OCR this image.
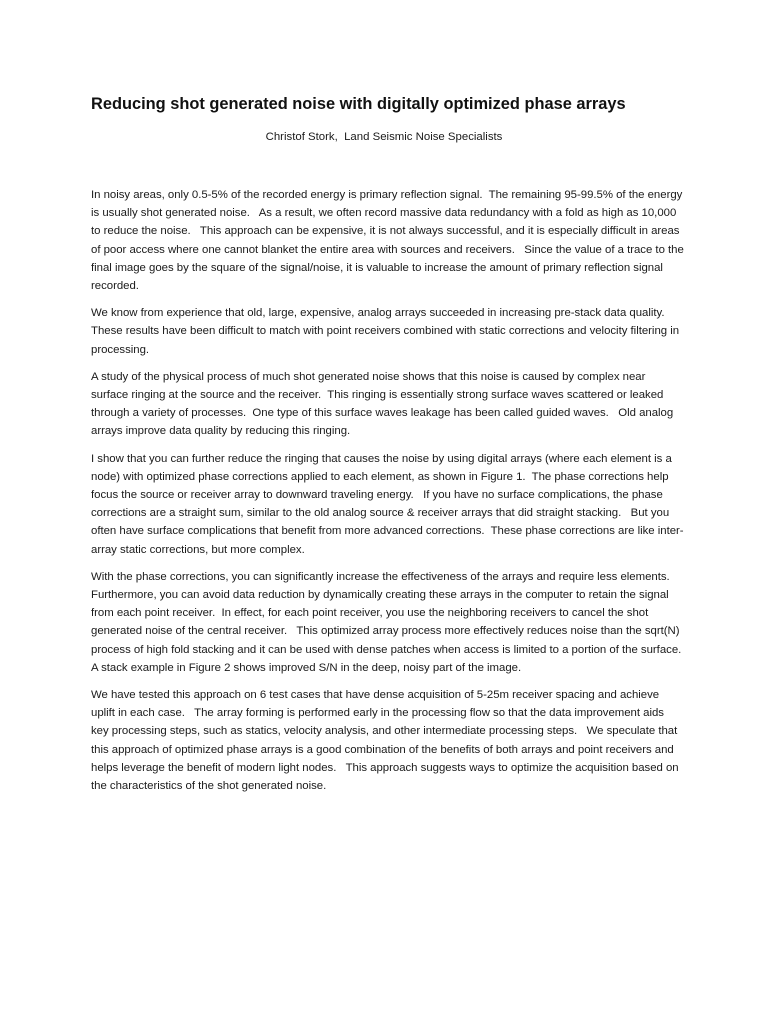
Reducing shot generated noise with digitally optimized phase arrays

Christof Stork,  Land Seismic Noise Specialists

In noisy areas, only 0.5-5% of the recorded energy is primary reflection signal.  The remaining 95-99.5% of the energy is usually shot generated noise.   As a result, we often record massive data redundancy with a fold as high as 10,000 to reduce the noise.   This approach can be expensive, it is not always successful, and it is especially difficult in areas of poor access where one cannot blanket the entire area with sources and receivers.   Since the value of a trace to the final image goes by the square of the signal/noise, it is valuable to increase the amount of primary reflection signal recorded.

We know from experience that old, large, expensive, analog arrays succeeded in increasing pre-stack data quality.  These results have been difficult to match with point receivers combined with static corrections and velocity filtering in processing.

A study of the physical process of much shot generated noise shows that this noise is caused by complex near surface ringing at the source and the receiver.  This ringing is essentially strong surface waves scattered or leaked through a variety of processes.  One type of this surface waves leakage has been called guided waves.   Old analog arrays improve data quality by reducing this ringing.

I show that you can further reduce the ringing that causes the noise by using digital arrays (where each element is a node) with optimized phase corrections applied to each element, as shown in Figure 1.  The phase corrections help focus the source or receiver array to downward traveling energy.   If you have no surface complications, the phase corrections are a straight sum, similar to the old analog source & receiver arrays that did straight stacking.   But you often have surface complications that benefit from more advanced corrections.  These phase corrections are like inter-array static corrections, but more complex.

With the phase corrections, you can significantly increase the effectiveness of the arrays and require less elements.  Furthermore, you can avoid data reduction by dynamically creating these arrays in the computer to retain the signal from each point receiver.  In effect, for each point receiver, you use the neighboring receivers to cancel the shot generated noise of the central receiver.   This optimized array process more effectively reduces noise than the sqrt(N) process of high fold stacking and it can be used with dense patches when access is limited to a portion of the surface.  A stack example in Figure 2 shows improved S/N in the deep, noisy part of the image.

We have tested this approach on 6 test cases that have dense acquisition of 5-25m receiver spacing and achieve uplift in each case.   The array forming is performed early in the processing flow so that the data improvement aids key processing steps, such as statics, velocity analysis, and other intermediate processing steps.   We speculate that this approach of optimized phase arrays is a good combination of the benefits of both arrays and point receivers and helps leverage the benefit of modern light nodes.   This approach suggests ways to optimize the acquisition based on the characteristics of the shot generated noise.
